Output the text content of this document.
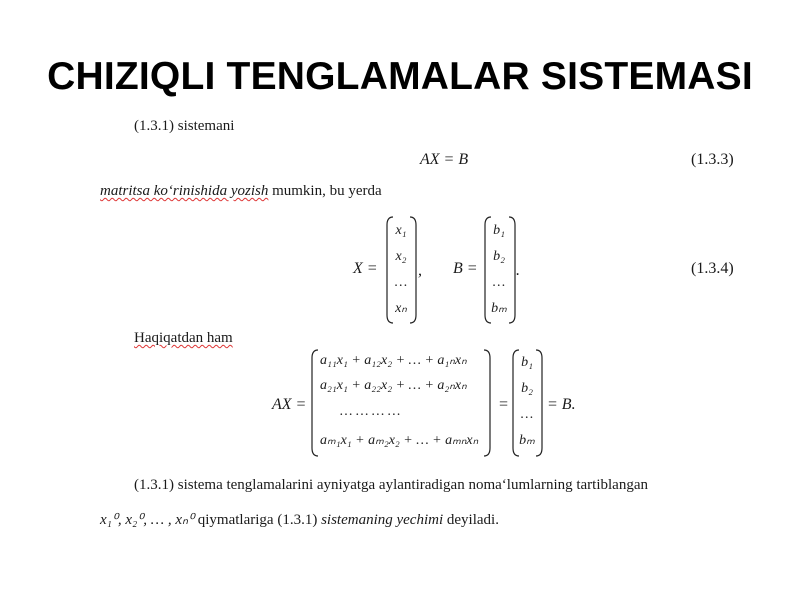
CHIZIQLI TENGLAMALAR SISTEMASI
(1.3.1) sistemani
AX = B	(1.3.3)
matritsa ko‘rinishida yozish mumkin, bu yerda
X =
x₁
x₂
…
xₙ
, B =
b₁
b₂
…
bₘ
.	(1.3.4)
Haqiqatdan ham
AX =
a₁₁x₁ + a₁₂x₂ + … + a₁ₙxₙ
a₂₁x₁ + a₂₂x₂ + … + a₂ₙxₙ
… … … …
aₘ₁x₁ + aₘ₂x₂ + … + aₘₙxₙ
=
b₁
b₂
…
bₘ
= B.
(1.3.1) sistema tenglamalarini ayniyatga aylantiradigan noma‘lumlarning tartiblangan
x₁⁰, x₂⁰, … , xₙ⁰ qiymatlariga (1.3.1) sistemaning yechimi deyiladi.
